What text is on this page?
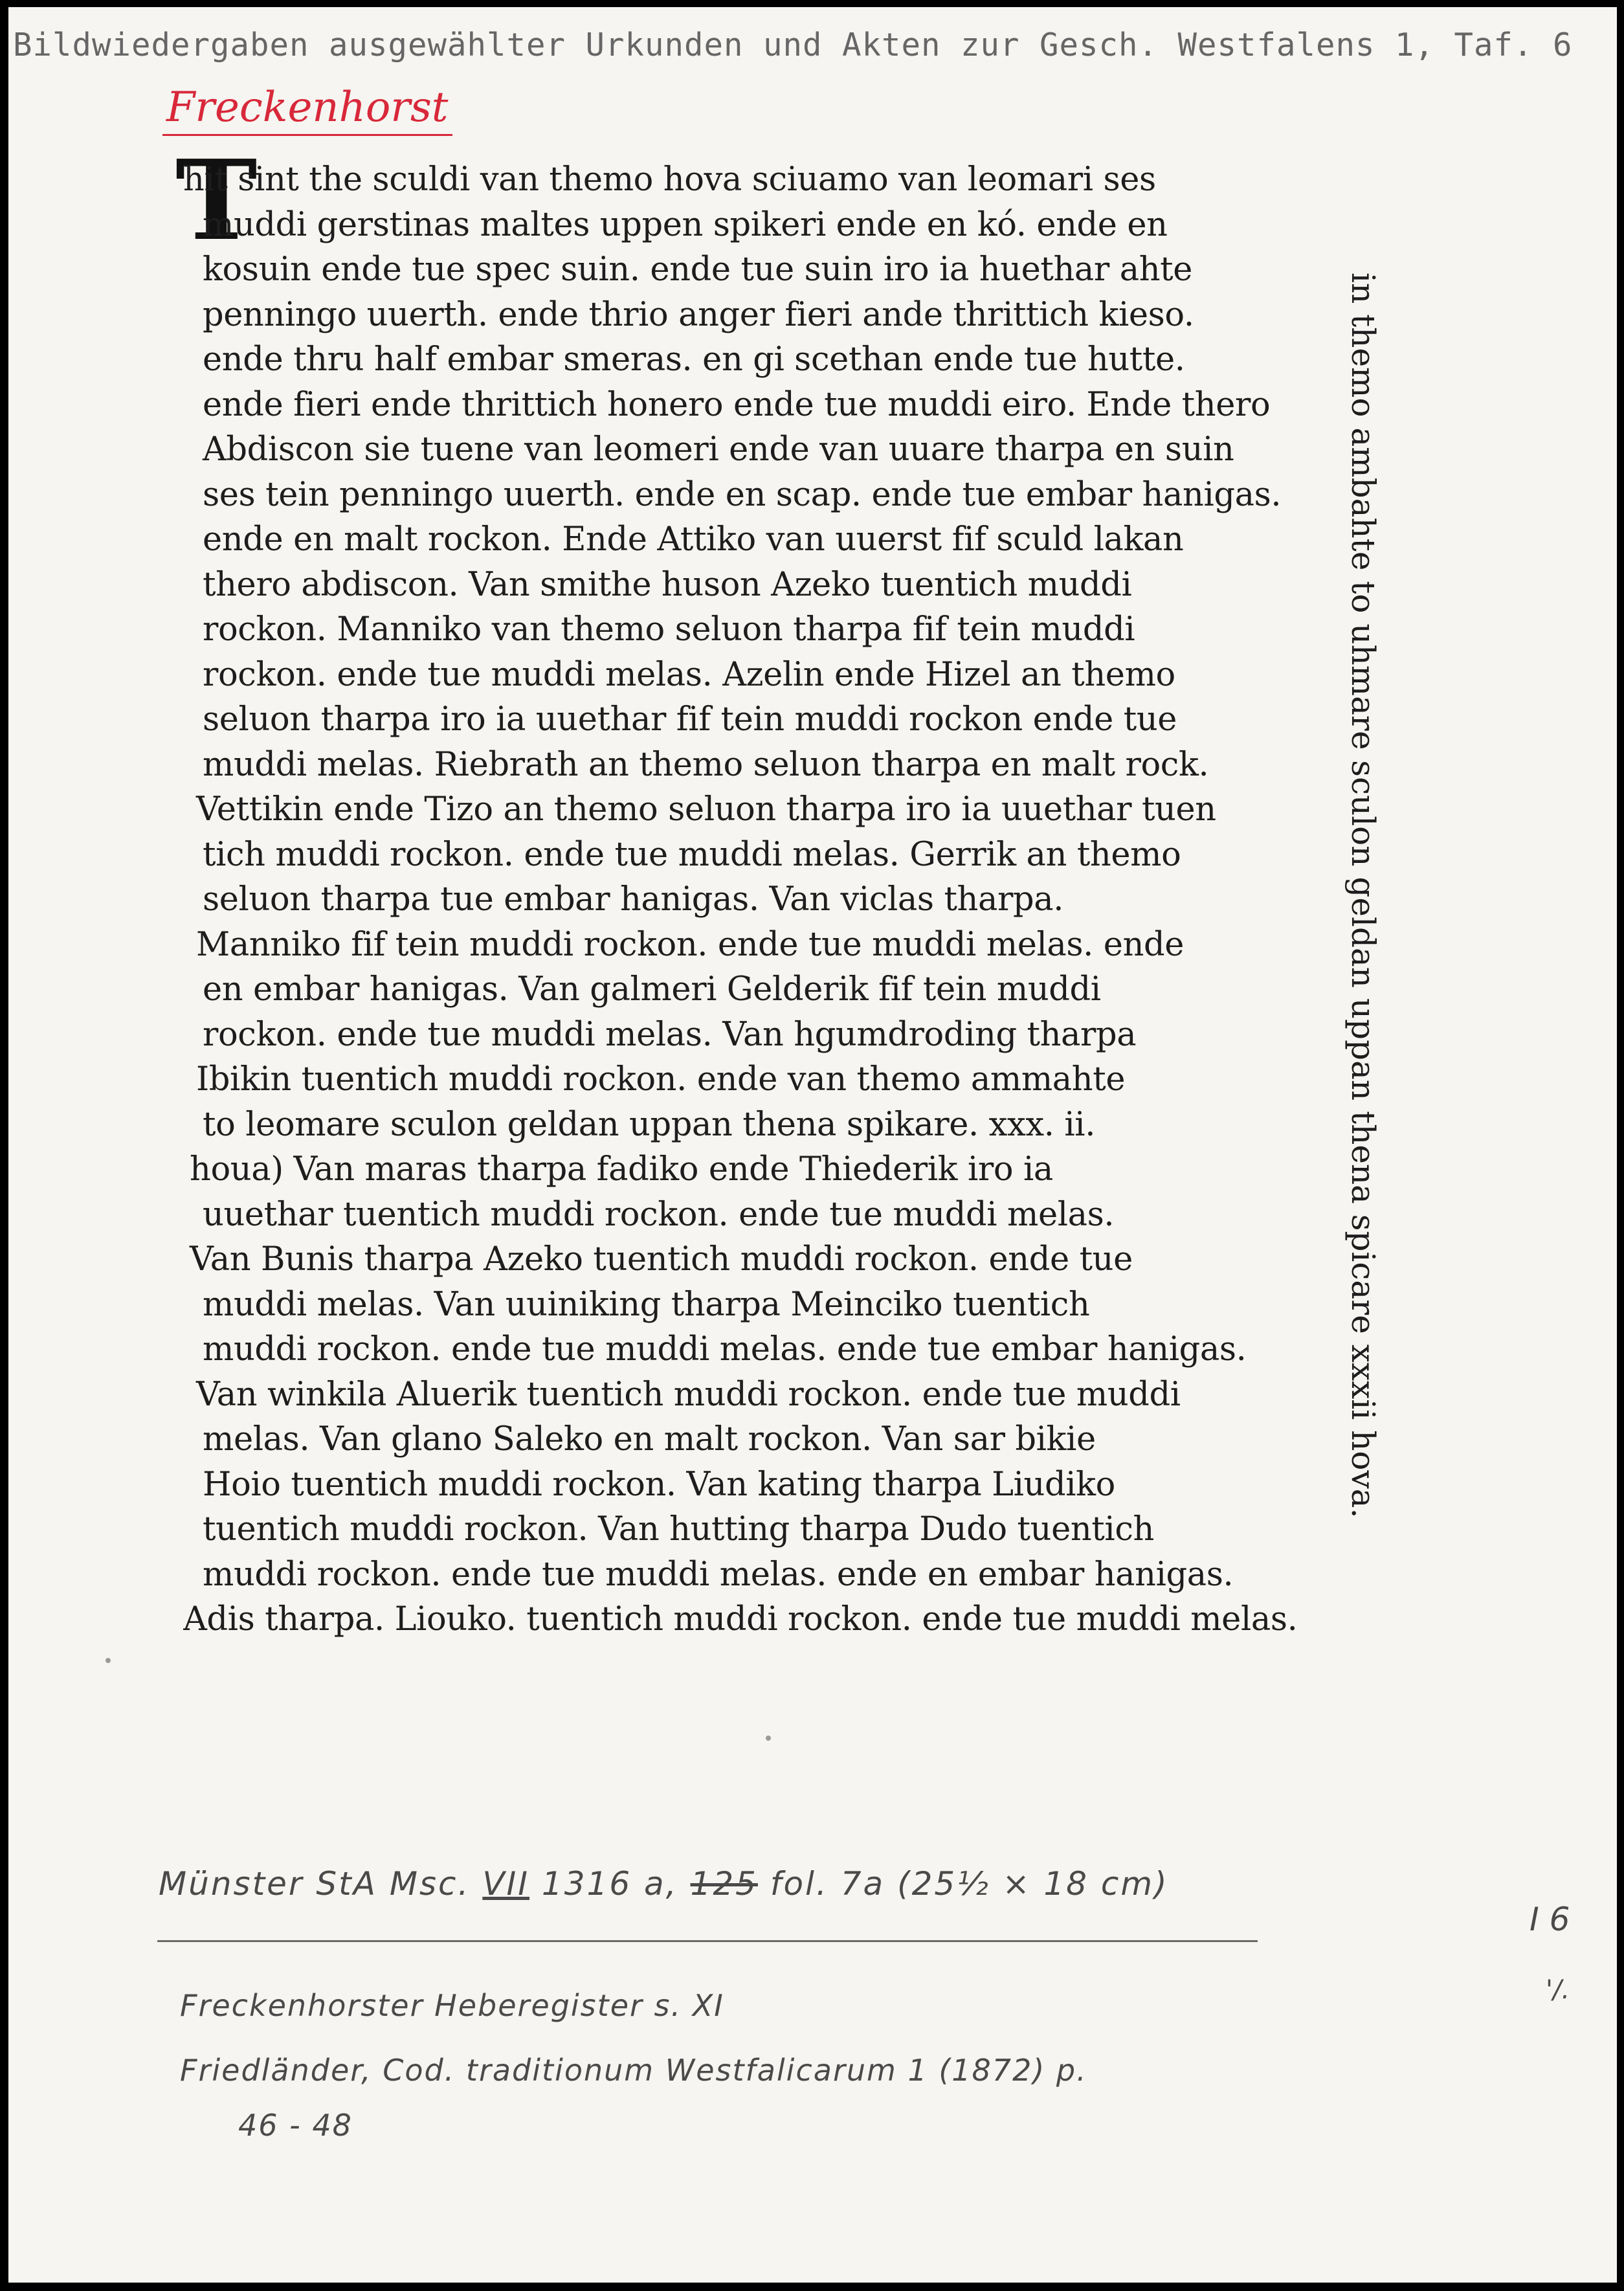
Bildwiedergaben ausgewählter Urkunden und Akten zur Gesch. Westfalens 1, Taf. 6
Freckenhorst
T
hit sint the sculdi van themo hova sciuamo van leomari ses
muddi gerstinas maltes uppen spikeri ende en kó. ende en
kosuin ende tue spec suin. ende tue suin iro ia huethar ahte
penningo uuerth. ende thrio anger fieri ande thrittich kieso.
ende thru half embar smeras. en gi scethan ende tue hutte.
ende fieri ende thrittich honero ende tue muddi eiro. Ende thero
Abdiscon sie tuene van leomeri ende van uuare tharpa en suin
ses tein penningo uuerth. ende en scap. ende tue embar hanigas.
ende en malt rockon. Ende Attiko van uuerst fif sculd lakan
thero abdiscon. Van smithe huson Azeko tuentich muddi
rockon. Manniko van themo seluon tharpa fif tein muddi
rockon. ende tue muddi melas. Azelin ende Hizel an themo
seluon tharpa iro ia uuethar fif tein muddi rockon ende tue
muddi melas. Riebrath an themo seluon tharpa en malt rock.
Vettikin ende Tizo an themo seluon tharpa iro ia uuethar tuen
tich muddi rockon. ende tue muddi melas. Gerrik an themo
seluon tharpa tue embar hanigas. Van viclas tharpa.
Manniko fif tein muddi rockon. ende tue muddi melas. ende
en embar hanigas. Van galmeri Gelderik fif tein muddi
rockon. ende tue muddi melas. Van hgumdroding tharpa
Ibikin tuentich muddi rockon. ende van themo ammahte
to leomare sculon geldan uppan thena spikare. xxx. ii.
houa) Van maras tharpa fadiko ende Thiederik iro ia
uuethar tuentich muddi rockon. ende tue muddi melas.
Van Bunis tharpa Azeko tuentich muddi rockon. ende tue
muddi melas. Van uuiniking tharpa Meinciko tuentich
muddi rockon. ende tue muddi melas. ende tue embar hanigas.
Van winkila Aluerik tuentich muddi rockon. ende tue muddi
melas. Van glano Saleko en malt rockon. Van sar bikie
Hoio tuentich muddi rockon. Van kating tharpa Liudiko
tuentich muddi rockon. Van hutting tharpa Dudo tuentich
muddi rockon. ende tue muddi melas. ende en embar hanigas.
Adis tharpa. Liouko. tuentich muddi rockon. ende tue muddi melas.
in themo ambahte to uhmare sculon geldan uppan thena spicare xxxii hova.
Münster StA Msc. VII 1316 a, 125 fol. 7a (25½ × 18 cm)
I 6
'/.
Freckenhorster Heberegister s. XI
Friedländer, Cod. traditionum Westfalicarum 1 (1872) p.
46 - 48
